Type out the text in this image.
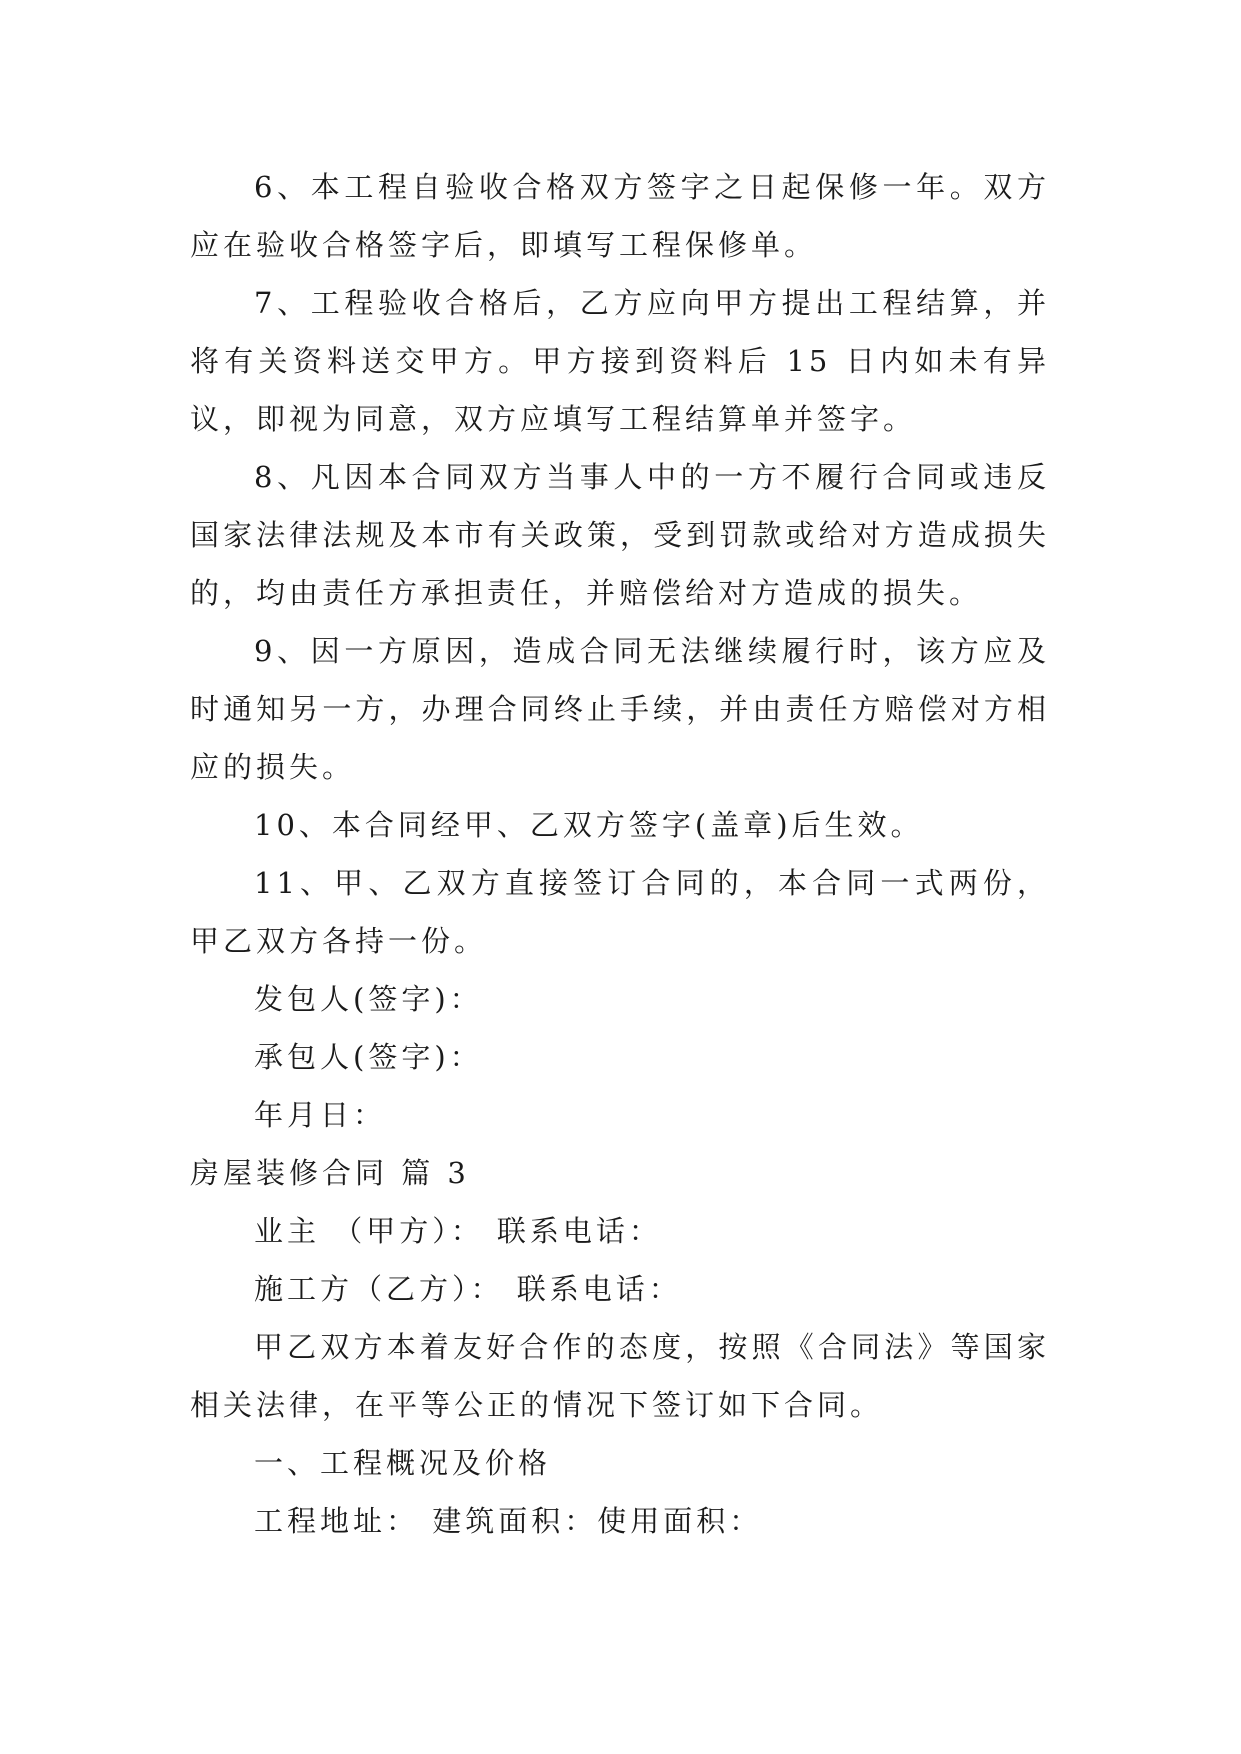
6、本工程自验收合格双方签字之日起保修一年。双方应在验收合格签字后，即填写工程保修单。

7、工程验收合格后，乙方应向甲方提出工程结算，并将有关资料送交甲方。甲方接到资料后 15 日内如未有异议，即视为同意，双方应填写工程结算单并签字。

8、凡因本合同双方当事人中的一方不履行合同或违反国家法律法规及本市有关政策，受到罚款或给对方造成损失的，均由责任方承担责任，并赔偿给对方造成的损失。

9、因一方原因，造成合同无法继续履行时，该方应及时通知另一方，办理合同终止手续，并由责任方赔偿对方相应的损失。

10、本合同经甲、乙双方签字(盖章)后生效。

11、甲、乙双方直接签订合同的，本合同一式两份，甲乙双方各持一份。

发包人(签字)：

承包人(签字)：

年月日：

房屋装修合同 篇 3

业主 （甲方）： 联系电话：

施工方（乙方）： 联系电话：

甲乙双方本着友好合作的态度，按照《合同法》等国家相关法律，在平等公正的情况下签订如下合同。

一、工程概况及价格

工程地址： 建筑面积：使用面积：
